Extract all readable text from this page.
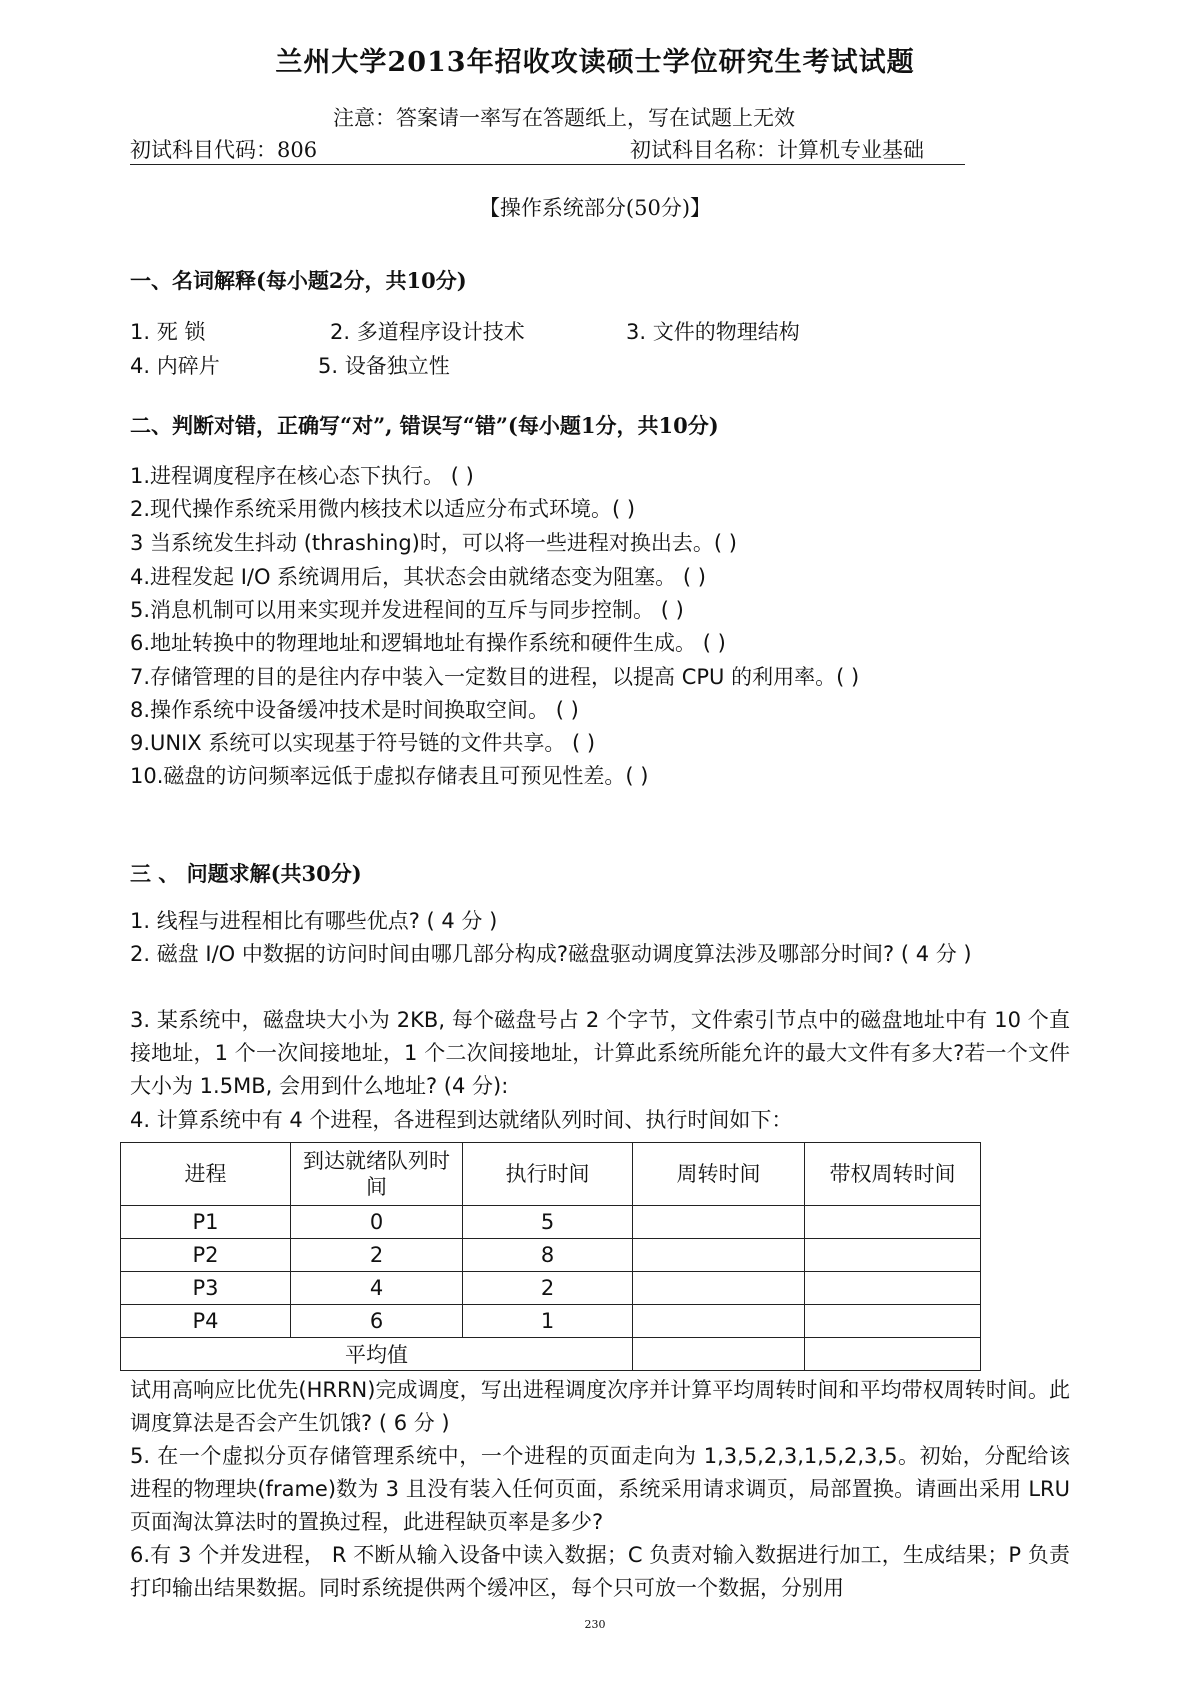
兰州大学2013年招收攻读硕士学位研究生考试试题
注意：答案请一率写在答题纸上，写在试题上无效
初试科目代码：806	初试科目名称：计算机专业基础
【操作系统部分(50分)】
一、名词解释(每小题2分，共10分)
1. 死 锁	2. 多道程序设计技术	3. 文件的物理结构
4. 内碎片	5. 设备独立性
二、判断对错，正确写“对”, 错误写“错”(每小题1分，共10分)
1.进程调度程序在核心态下执行。 ( )
2.现代操作系统采用微内核技术以适应分布式环境。( )
3 当系统发生抖动 (thrashing)时，可以将一些进程对换出去。( )
4.进程发起 I/O 系统调用后，其状态会由就绪态变为阻塞。 ( )
5.消息机制可以用来实现并发进程间的互斥与同步控制。 ( )
6.地址转换中的物理地址和逻辑地址有操作系统和硬件生成。 ( )
7.存储管理的目的是往内存中装入一定数目的进程，以提高 CPU 的利用率。( )
8.操作系统中设备缓冲技术是时间换取空间。 ( )
9.UNIX 系统可以实现基于符号链的文件共享。 ( )
10.磁盘的访问频率远低于虚拟存储表且可预见性差。( )
三 、 问题求解(共30分)
1. 线程与进程相比有哪些优点? ( 4 分 )
2. 磁盘 I/O 中数据的访问时间由哪几部分构成?磁盘驱动调度算法涉及哪部分时间? ( 4 分 )
3. 某系统中，磁盘块大小为 2KB, 每个磁盘号占 2 个字节，文件索引节点中的磁盘地址中有 10 个直接地址，1 个一次间接地址，1 个二次间接地址，计算此系统所能允许的最大文件有多大?若一个文件大小为 1.5MB, 会用到什么地址? (4 分):
4. 计算系统中有 4 个进程，各进程到达就绪队列时间、执行时间如下：
进程	到达就绪队列时间	执行时间	周转时间	带权周转时间
P1	0	5		
P2	2	8		
P3	4	2		
P4	6	1		
平均值				
试用高响应比优先(HRRN)完成调度，写出进程调度次序并计算平均周转时间和平均带权周转时间。此调度算法是否会产生饥饿? ( 6 分 )
5. 在一个虚拟分页存储管理系统中，一个进程的页面走向为 1,3,5,2,3,1,5,2,3,5。初始，分配给该进程的物理块(frame)数为 3 且没有装入任何页面，系统采用请求调页，局部置换。请画出采用 LRU 页面淘汰算法时的置换过程，此进程缺页率是多少?
6.有 3 个并发进程， R 不断从输入设备中读入数据；C 负责对输入数据进行加工，生成结果；P 负责打印输出结果数据。同时系统提供两个缓冲区，每个只可放一个数据，分别用
230
